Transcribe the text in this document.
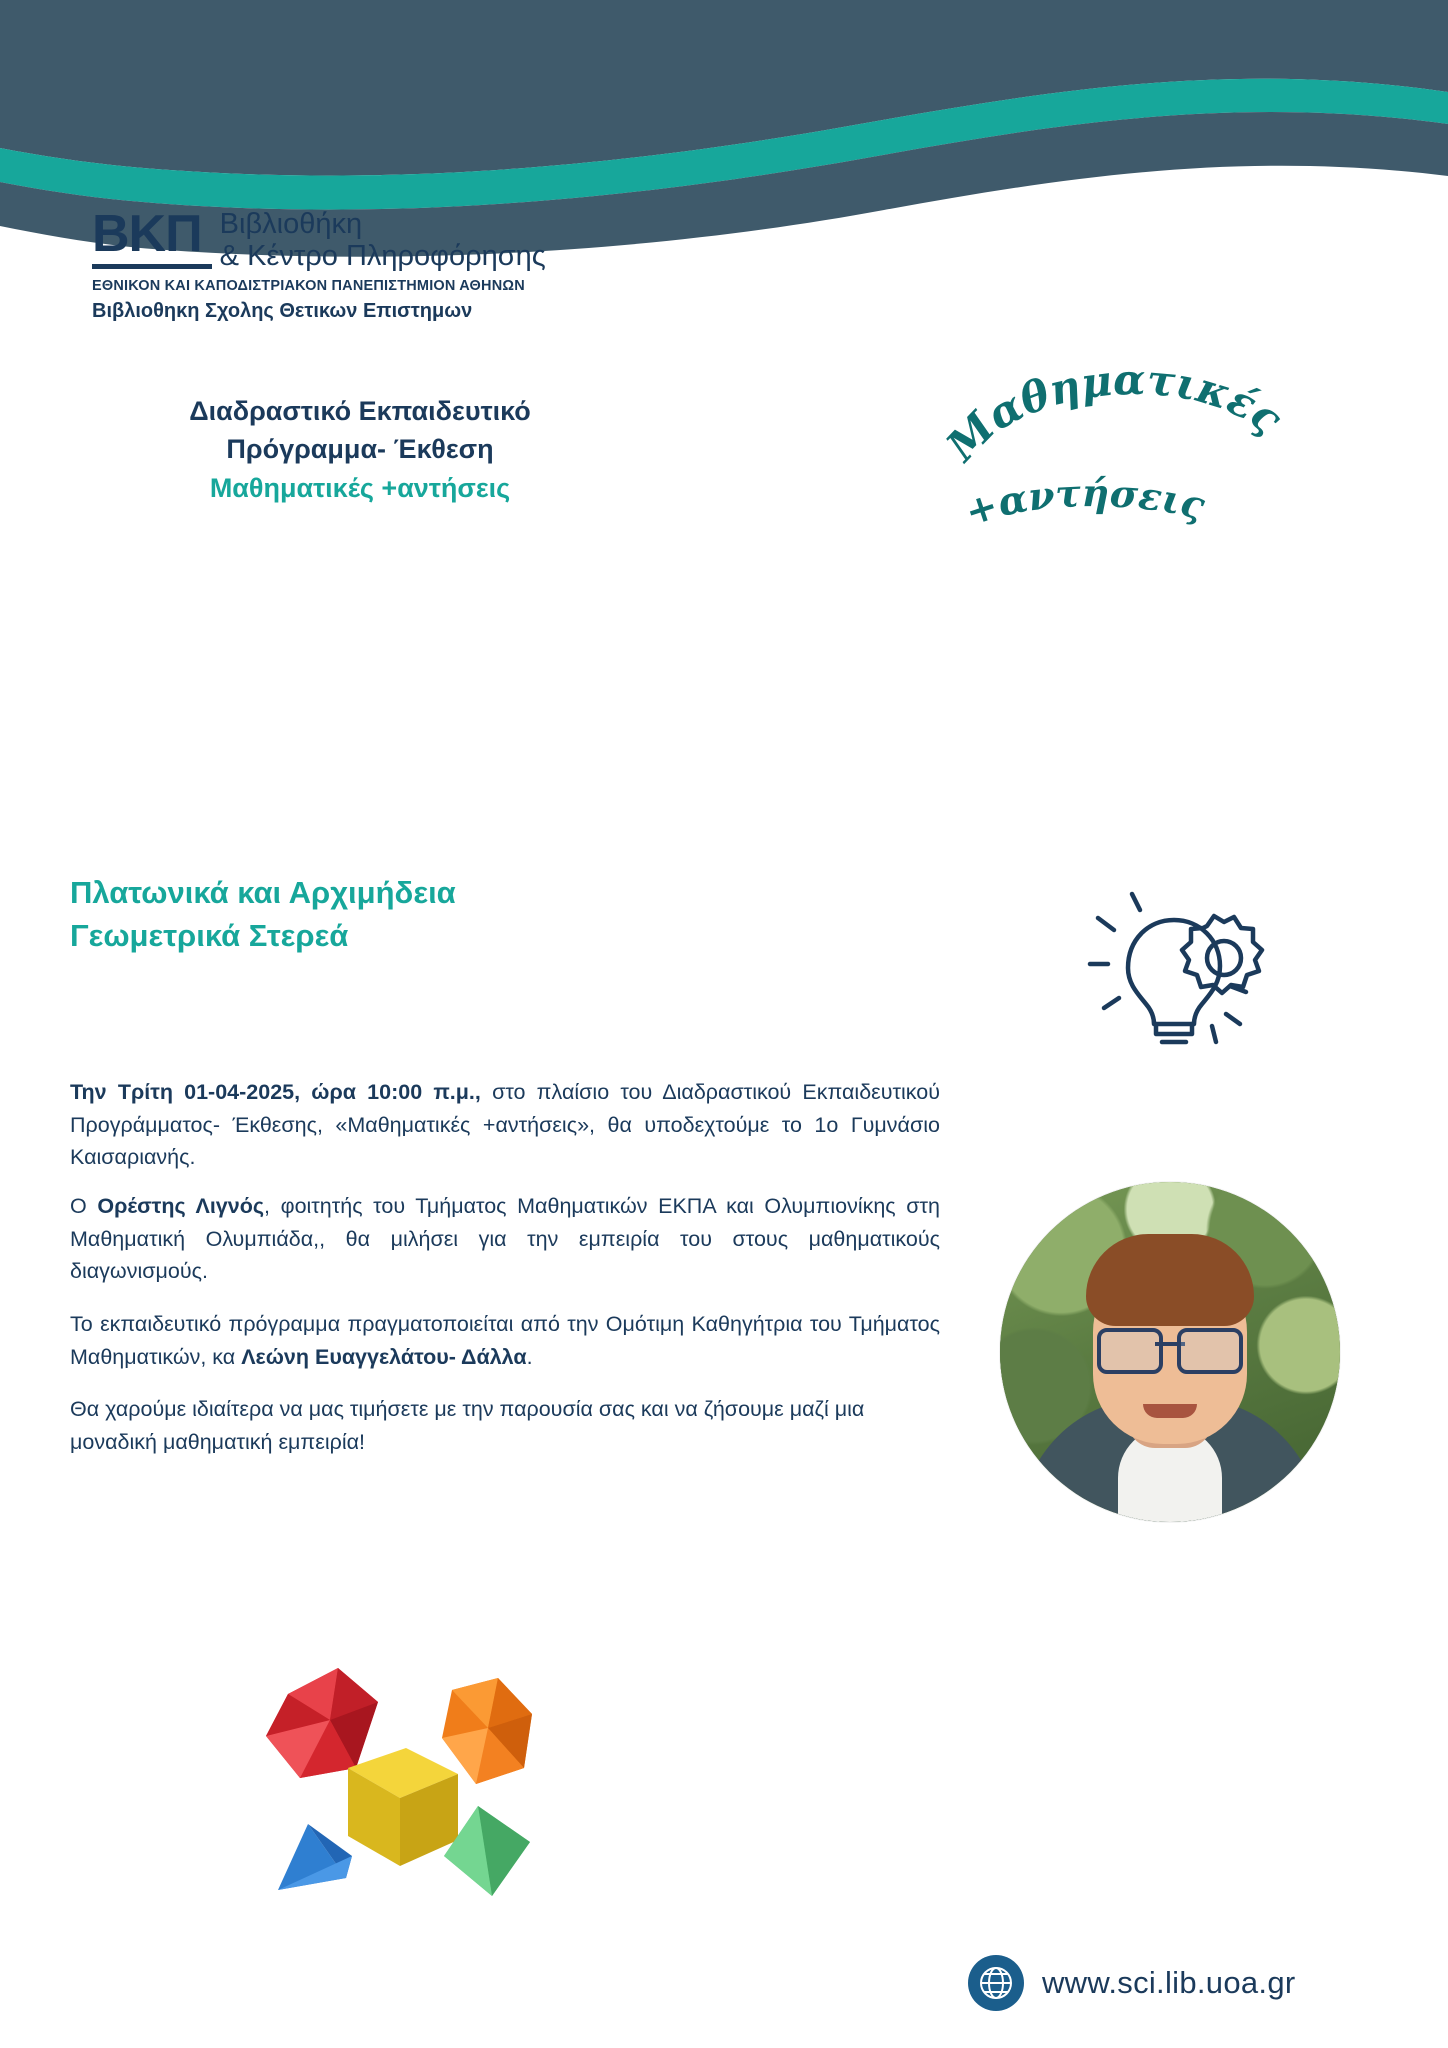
ΒΚΠ Βιβλιοθήκη
& Κέντρο Πληροφόρησης
ΕΘΝΙΚΟΝ ΚΑΙ ΚΑΠΟΔΙΣΤΡΙΑΚΟΝ ΠΑΝΕΠΙΣΤΗΜΙΟΝ ΑΘΗΝΩΝ
Βιβλιοθηκη Σχολης Θετικων Επιστημων
Διαδραστικό Εκπαιδευτικό
Πρόγραμμα- Έκθεση
Μαθηματικές +αντήσεις
Μαθηματικές
+αντήσεις
Πλατωνικά και Αρχιμήδεια
Γεωμετρικά Στερεά

Την Τρίτη 01-04-2025, ώρα 10:00 π.μ., στο πλαίσιο του Διαδραστικού Εκπαιδευτικού Προγράμματος- Έκθεσης, «Μαθηματικές +αντήσεις», θα υποδεχτούμε το 1ο Γυμνάσιο Καισαριανής.

Ο Ορέστης Λιγνός, φοιτητής του Τμήματος Μαθηματικών ΕΚΠΑ και Ολυμπιονίκης στη Μαθηματική Ολυμπιάδα,, θα μιλήσει για την εμπειρία του στους μαθηματικούς διαγωνισμούς.

Το εκπαιδευτικό πρόγραμμα πραγματοποιείται από την Ομότιμη Καθηγήτρια του Τμήματος Μαθηματικών, κα Λεώνη Ευαγγελάτου- Δάλλα.

Θα χαρούμε ιδιαίτερα να μας τιμήσετε με την παρουσία σας και να ζήσουμε μαζί μια μοναδική μαθηματική εμπειρία!

www.sci.lib.uoa.gr
